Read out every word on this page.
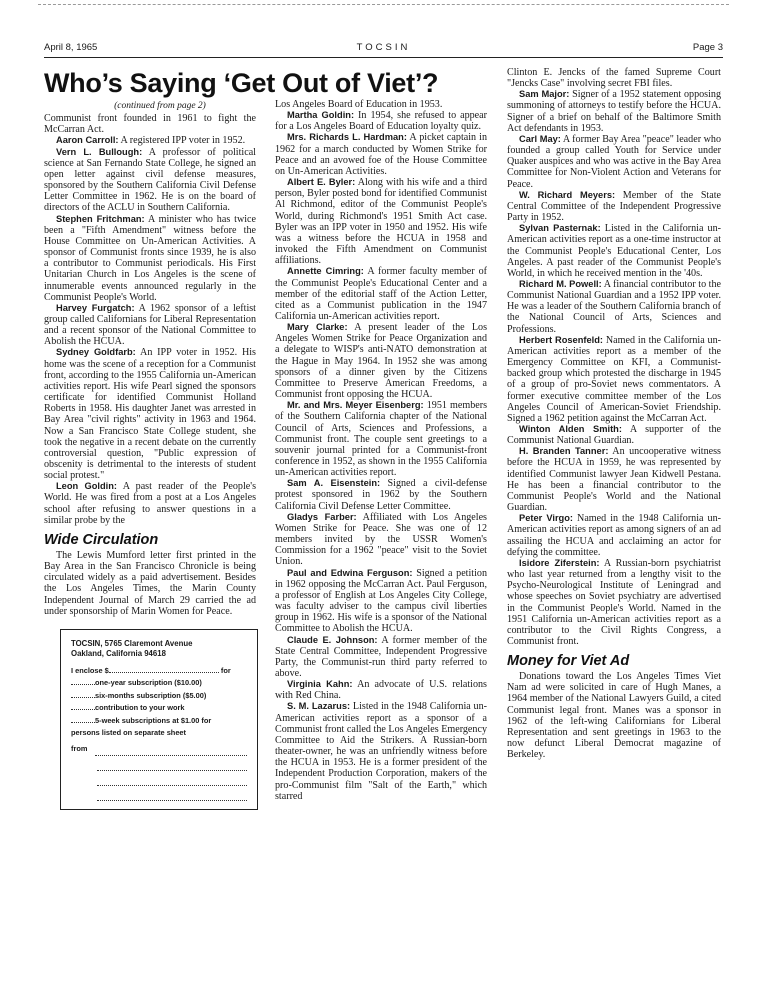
April 8, 1965	TOCSIN	Page 3
Who’s Saying ‘Get Out of Viet’?
(continued from page 2)
Communist front founded in 1961 to fight the McCarran Act.
Aaron Carroll: A registered IPP voter in 1952.
Vern L. Bullough: A professor of political science at San Fernando State College, he signed an open letter against civil defense measures, sponsored by the Southern California Civil Defense Letter Committee in 1962. He is on the board of directors of the ACLU in Southern California.
Stephen Fritchman: A minister who has twice been a "Fifth Amendment" witness before the House Committee on Un-American Activities. A sponsor of Communist fronts since 1939, he is also a contributor to Communist periodicals. His First Unitarian Church in Los Angeles is the scene of innumerable events announced regularly in the Communist People's World.
Harvey Furgatch: A 1962 sponsor of a leftist group called Californians for Liberal Representation and a recent sponsor of the National Committee to Abolish the HCUA.
Sydney Goldfarb: An IPP voter in 1952. His home was the scene of a reception for a Communist front, according to the 1955 California un-American activities report. His wife Pearl signed the sponsors certificate for identified Communist Holland Roberts in 1958. His daughter Janet was arrested in Bay Area "civil rights" activity in 1963 and 1964. Now a San Francisco State College student, she took the negative in a recent debate on the currently controversial question, "Public expression of obscenity is detrimental to the interests of student social protest."
Leon Goldin: A past reader of the People's World. He was fired from a post at a Los Angeles school after refusing to answer questions in a similar probe by the
Wide Circulation
The Lewis Mumford letter first printed in the Bay Area in the San Francisco Chronicle is being circulated widely as a paid advertisement. Besides the Los Angeles Times, the Marin County Independent Journal of March 29 carried the ad under sponsorship of Marin Women for Peace.
TOCSIN, 5765 Claremont Avenue
Oakland, California 94618
I enclose $	for
one-year subscription ($10.00)
six-months subscription ($5.00)
contribution to your work
5-week subscriptions at $1.00 for
persons listed on separate sheet
from
Los Angeles Board of Education in 1953.
Martha Goldin: In 1954, she refused to appear for a Los Angeles Board of Education loyalty quiz.
Mrs. Richards L. Hardman: A picket captain in 1962 for a march conducted by Women Strike for Peace and an avowed foe of the House Committee on Un-American Activities.
Albert E. Byler: Along with his wife and a third person, Byler posted bond for identified Communist Al Richmond, editor of the Communist People's World, during Richmond's 1951 Smith Act case. Byler was an IPP voter in 1950 and 1952. His wife was a witness before the HCUA in 1958 and invoked the Fifth Amendment on Communist affiliations.
Annette Cimring: A former faculty member of the Communist People's Educational Center and a member of the editorial staff of the Action Letter, cited as a Communist publication in the 1947 California un-American activities report.
Mary Clarke: A present leader of the Los Angeles Women Strike for Peace Organization and a delegate to WISP's anti-NATO demonstration at the Hague in May 1964. In 1952 she was among sponsors of a dinner given by the Citizens Committee to Preserve American Freedoms, a Communist front opposing the HCUA.
Mr. and Mrs. Meyer Eisenberg: 1951 members of the Southern California chapter of the National Council of Arts, Sciences and Professions, a Communist front. The couple sent greetings to a souvenir journal printed for a Communist-front conference in 1952, as shown in the 1955 California un-American activities report.
Sam A. Eisenstein: Signed a civil-defense protest sponsored in 1962 by the Southern California Civil Defense Letter Committee.
Gladys Farber: Affiliated with Los Angeles Women Strike for Peace. She was one of 12 members invited by the USSR Women's Commission for a 1962 "peace" visit to the Soviet Union.
Paul and Edwina Ferguson: Signed a petition in 1962 opposing the McCarran Act. Paul Ferguson, a professor of English at Los Angeles City College, was faculty adviser to the campus civil liberties group in 1962. His wife is a sponsor of the National Committee to Abolish the HCUA.
Claude E. Johnson: A former member of the State Central Committee, Independent Progressive Party, the Communist-run third party referred to above.
Virginia Kahn: An advocate of U.S. relations with Red China.
S. M. Lazarus: Listed in the 1948 California un-American activities report as a sponsor of a Communist front called the Los Angeles Emergency Committee to Aid the Strikers. A Russian-born theater-owner, he was an unfriendly witness before the HCUA in 1953. He is a former president of the Independent Production Corporation, makers of the pro-Communist film "Salt of the Earth," which starred
Clinton E. Jencks of the famed Supreme Court "Jencks Case" involving secret FBI files.
Sam Major: Signer of a 1952 statement opposing summoning of attorneys to testify before the HCUA. Signer of a brief on behalf of the Baltimore Smith Act defendants in 1953.
Carl May: A former Bay Area "peace" leader who founded a group called Youth for Service under Quaker auspices and who was active in the Bay Area Committee for Non-Violent Action and Veterans for Peace.
W. Richard Meyers: Member of the State Central Committee of the Independent Progressive Party in 1952.
Sylvan Pasternak: Listed in the California un-American activities report as a one-time instructor at the Communist People's Educational Center, Los Angeles. A past reader of the Communist People's World, in which he received mention in the '40s.
Richard M. Powell: A financial contributor to the Communist National Guardian and a 1952 IPP voter. He was a leader of the Southern California branch of the National Council of Arts, Sciences and Professions.
Herbert Rosenfeld: Named in the California un-American activities report as a member of the Emergency Committee on KFI, a Communist-backed group which protested the discharge in 1945 of a group of pro-Soviet news commentators. A former executive committee member of the Los Angeles Council of American-Soviet Friendship. Signed a 1962 petition against the McCarran Act.
Winton Alden Smith: A supporter of the Communist National Guardian.
H. Branden Tanner: An uncooperative witness before the HCUA in 1959, he was represented by identified Communist lawyer Jean Kidwell Pestana. He has been a financial contributor to the Communist People's World and the National Guardian.
Peter Virgo: Named in the 1948 California un-American activities report as among signers of an ad assailing the HCUA and acclaiming an actor for defying the committee.
Isidore Ziferstein: A Russian-born psychiatrist who last year returned from a lengthy visit to the Psycho-Neurological Institute of Leningrad and whose speeches on Soviet psychiatry are advertised in the Communist People's World. Named in the 1951 California un-American activities report as a contributor to the Civil Rights Congress, a Communist front.
Money for Viet Ad
Donations toward the Los Angeles Times Viet Nam ad were solicited in care of Hugh Manes, a 1964 member of the National Lawyers Guild, a cited Communist legal front. Manes was a sponsor in 1962 of the left-wing Californians for Liberal Representation and sent greetings in 1963 to the now defunct Liberal Democrat magazine of Berkeley.
